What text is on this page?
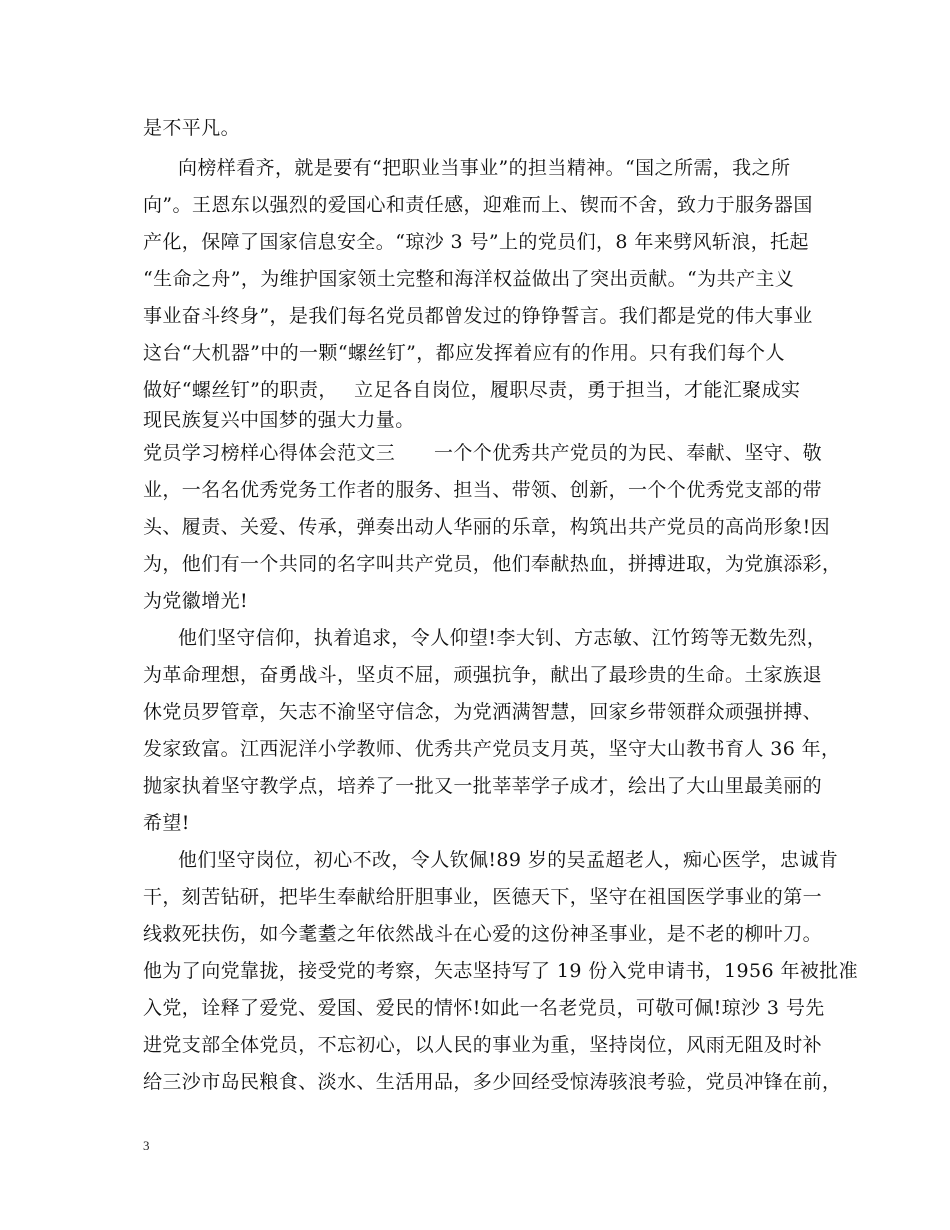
是不平凡。
向榜样看齐，就是要有“把职业当事业”的担当精神。“国之所需，我之所
向”。王恩东以强烈的爱国心和责任感，迎难而上、锲而不舍，致力于服务器国
产化，保障了国家信息安全。“琼沙 3 号”上的党员们，8 年来劈风斩浪，托起
“生命之舟”，为维护国家领土完整和海洋权益做出了突出贡献。“为共产主义
事业奋斗终身”，是我们每名党员都曾发过的铮铮誓言。我们都是党的伟大事业
这台“大机器”中的一颗“螺丝钉”，都应发挥着应有的作用。只有我们每个人
做好“螺丝钉”的职责，　 立足各自岗位，履职尽责，勇于担当，才能汇聚成实
现民族复兴中国梦的强大力量。
党员学习榜样心得体会范文三　　一个个优秀共产党员的为民、奉献、坚守、敬
业，一名名优秀党务工作者的服务、担当、带领、创新，一个个优秀党支部的带
头、履责、关爱、传承，弹奏出动人华丽的乐章，构筑出共产党员的高尚形象!因
为，他们有一个共同的名字叫共产党员，他们奉献热血，拼搏进取，为党旗添彩，
为党徽增光!
他们坚守信仰，执着追求，令人仰望!李大钊、方志敏、江竹筠等无数先烈，
为革命理想，奋勇战斗，坚贞不屈，顽强抗争，献出了最珍贵的生命。土家族退
休党员罗管章，矢志不渝坚守信念，为党洒满智慧，回家乡带领群众顽强拼搏、
发家致富。江西泥洋小学教师、优秀共产党员支月英，坚守大山教书育人 36 年，
抛家执着坚守教学点，培养了一批又一批莘莘学子成才，绘出了大山里最美丽的
希望!
他们坚守岗位，初心不改，令人钦佩!89 岁的吴孟超老人，痴心医学，忠诚肯
干，刻苦钻研，把毕生奉献给肝胆事业，医德天下，坚守在祖国医学事业的第一
线救死扶伤，如今耄耋之年依然战斗在心爱的这份神圣事业，是不老的柳叶刀。
他为了向党靠拢，接受党的考察，矢志坚持写了 19 份入党申请书，1956 年被批准
入党，诠释了爱党、爱国、爱民的情怀!如此一名老党员，可敬可佩!琼沙 3 号先
进党支部全体党员，不忘初心，以人民的事业为重，坚持岗位，风雨无阻及时补
给三沙市岛民粮食、淡水、生活用品，多少回经受惊涛骇浪考验，党员冲锋在前，
3
